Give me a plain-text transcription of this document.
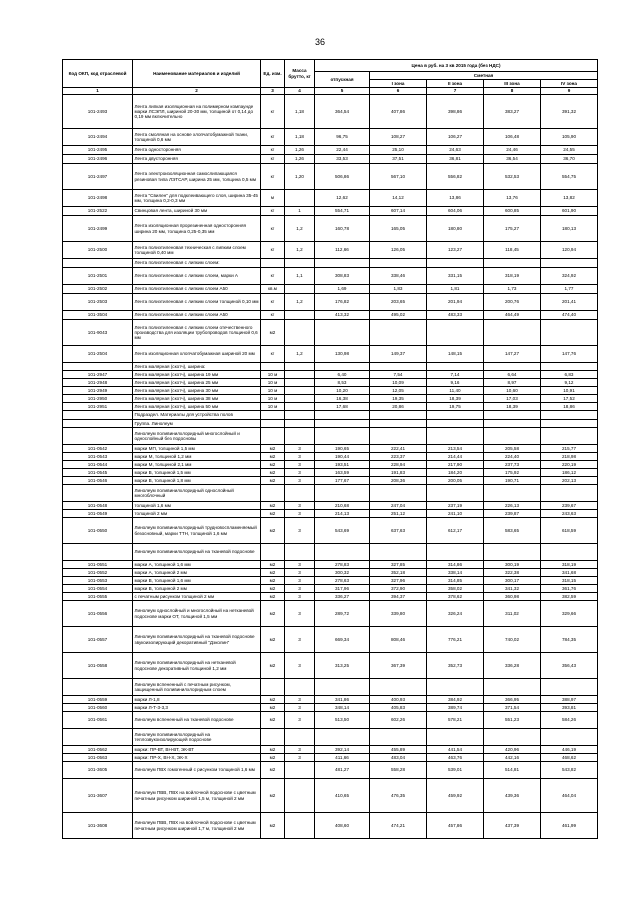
36
Код ОКП, код отраслевой	Наименование материалов и изделий	Ед. изм.	Масса брутто, кг	Цена в руб. на 3 кв 2015 года (без НДС)				
				отпускная	Сметная			
					I зона	II зона	III зона	IV зона
1	2	3	4	5	6	7	8	9
101-2493	Лента липкая изоляционная на полимерном компаунде марки ЛСЭПЛ, шириной 20-30 мм, толщиной от 0,14 до 0,19 мм включительно	кг	1,18	364,54	407,86	398,86	383,27	391,32
101-2494	Лента смоляная на основе хлопчатобумажной ткани, толщиной 0,6 мм	кг	1,18	96,75	108,27	106,27	106,48	105,90
101-2495	Лента односторонняя	кг	1,26	22,44	25,10	24,63	24,46	24,55
101-2496	Лента двусторонняя	кг	1,26	33,53	37,51	36,81	36,54	36,70
101-2497	Лента электроизоляционная самослипающаяся резиновая типа ЛЭТСАР, ширина 25 мм, толщина 0,5 мм	кг	1,20	506,86	567,10	556,82	532,53	554,75
101-2498	Лента "Свилен" для подклеивающего слоя, ширина 35-45 мм, толщина 0,2-0,3 мм	м		12,62	14,12	13,86	13,76	13,82
101-2522	Свинцовая лента, шириной 30 мм	кг	1	554,71	607,14	604,06	600,85	601,90
101-2499	Лента изоляционная прорезиненная односторонняя ширина 20 мм, толщина 0,25-0,35 мм	кг	1,2	160,78	165,05	180,80	175,27	180,13
101-2500	Лента полиэтиленовая техническая с липким слоем толщиной 0,40 мм	кг	1,2	112,66	126,05	123,27	118,45	120,94
	Лента полиэтиленовая с липким слоем:							
101-2501	Лента полиэтиленовая с липким слоем, марки А	кг	1,1	308,83	338,46	331,15	318,19	324,92
101-2502	Лента полиэтиленовая с липким слоем А50	кв.м		1,69	1,83	1,81	1,73	1,77
101-2503	Лента полиэтиленовая с липким слоем толщиной 0,10 мм	кг	1,2	176,82	203,65	201,94	200,76	201,41
101-3504	Лента полиэтиленовая с липким слоем А50	кг		413,32	495,02	483,33	464,49	474,40
101-9043	Лента полиэтиленовая с липким слоем отечественного производства для изоляции трубопроводов толщиной 0,6 мм	м2						
101-2504	Лента изоляционная хлопчатобумажная шириной 20 мм	кг	1,2	130,98	149,37	148,15	147,27	147,76
	Лента малярная (скотч), ширина:							
101-2947	Лента малярная (скотч), ширина 19 мм	10 м		6,40	7,54	7,14	6,64	6,83
101-2948	Лента малярная (скотч), ширина 25 мм	10 м		8,53	10,09	9,16	8,97	9,12
101-2949	Лента малярная (скотч), ширина 30 мм	10 м		10,20	12,05	11,40	10,60	10,91
101-2950	Лента малярная (скотч), ширина 38 мм	10 м		16,38	19,35	18,39	17,03	17,52
101-2951	Лента малярная (скотч), ширина 50 мм	10 м		17,68	20,86	19,75	18,39	18,86
	Подраздел. Материалы для устройства полов							
	Группа. Линолеум							
	Линолеум поливинилхлоридный многослойный и однослойный без подосновы							
101-0542	марки МП, толщиной 1,5 мм	м2	3	190,65	222,41	213,54	205,58	215,77
101-0543	марки М, толщиной 1,2 мм	м2	3	190,44	223,37	214,44	224,40	218,98
101-0544	марки М, толщиной 2,1 мм	м2	3	193,51	228,94	217,90	237,73	220,19
101-0545	марки В, толщиной 1,5 мм	м2	3	163,59	191,83	184,20	175,92	186,12
101-0546	марки В, толщиной 1,8 мм	м2	3	177,67	208,36	200,05	190,71	202,13
	Линолеум поливинилхлоридный однослойный многоблочный							
101-0548	толщиной 1,6 мм	м2	3	210,68	247,04	237,19	226,13	239,67
101-0549	толщиной 2 мм	м2	3	214,13	251,12	241,10	239,87	243,63
101-0550	Линолеум поливинилхлоридный трудновоспламеняемый безосновный, марки ТТН, толщиной 1,6 мм	м2	3	543,69	637,63	612,17	583,65	618,59
	Линолеум поливинилхлоридный на тканевой подоснове							
101-0551	марки А, толщиной 1,6 мм	м2	3	278,83	327,85	314,86	300,19	318,19
101-0552	марки А, толщиной 2 мм	м2	3	300,32	352,18	338,14	322,38	341,68
101-0553	марки В, толщиной 1,6 мм	м2	3	278,63	327,96	314,85	300,17	318,15
101-0554	марки В, толщиной 2 мм	м2	3	317,96	372,90	358,02	341,32	361,76
101-0555	с печатным рисунком толщиной 2 мм	м2	3	336,27	394,37	378,62	360,98	382,59
101-0556	Линолеум однослойный и многослойный на нетканевой подоснове марки ОТ, толщиной 1,5 мм	м2	3	289,72	339,80	326,24	311,02	329,66
101-0557	Линолеум поливинилхлоридный на тканевой подоснове звукоизолирующий декоративный "Дэколин"	м2	3	669,34	808,46	776,21	740,02	784,35
101-0558	Линолеум поливинилхлоридный на нетканевой подоснове декоративный толщиной 1,2 мм	м2	3	313,25	367,39	352,73	336,28	356,43
	Линолеум вспененный с печатным рисунком, защищенный поливинилхлоридным слоем							
101-0559	марки Л-1,8	м2	3	341,86	400,93	384,92	366,95	388,97
101-0560	марки Л-Т-3-3,3	м2	3	348,14	405,83	389,74	371,54	393,81
101-0561	Линолеум вспененный на тканевой подоснове	м2	3	513,50	602,26	578,21	551,23	584,26
	Линолеум поливинилхлоридный на теплозвукоизолирующей подоснове							
101-0562	марки: ПР-ВТ, ВН-ВТ, ЭК-ВТ	м2	3	392,14	455,89	441,54	420,96	446,19
101-0563	марки: ПР-Х, ВН-Х, ЭК-Х	м2	3	411,66	483,04	463,76	442,16	468,62
101-3605	Линолеум ПВХ гомогенный с рисунком толщиной 1,6 мм	м2		481,27	558,28	539,01	514,81	543,82
101-3607	Линолеум ПВВ, ПВХ на войлочной подоснове с цветным печатным рисунком шириной 1,5 м, толщиной 2 мм	м2		410,65	476,35	459,92	439,36	464,04
101-3608	Линолеум ПВВ, ПВХ на войлочной подоснове с цветным печатным рисунком шириной 1,7 м, толщиной 2 мм	м2		408,60	474,21	457,86	437,39	461,99
